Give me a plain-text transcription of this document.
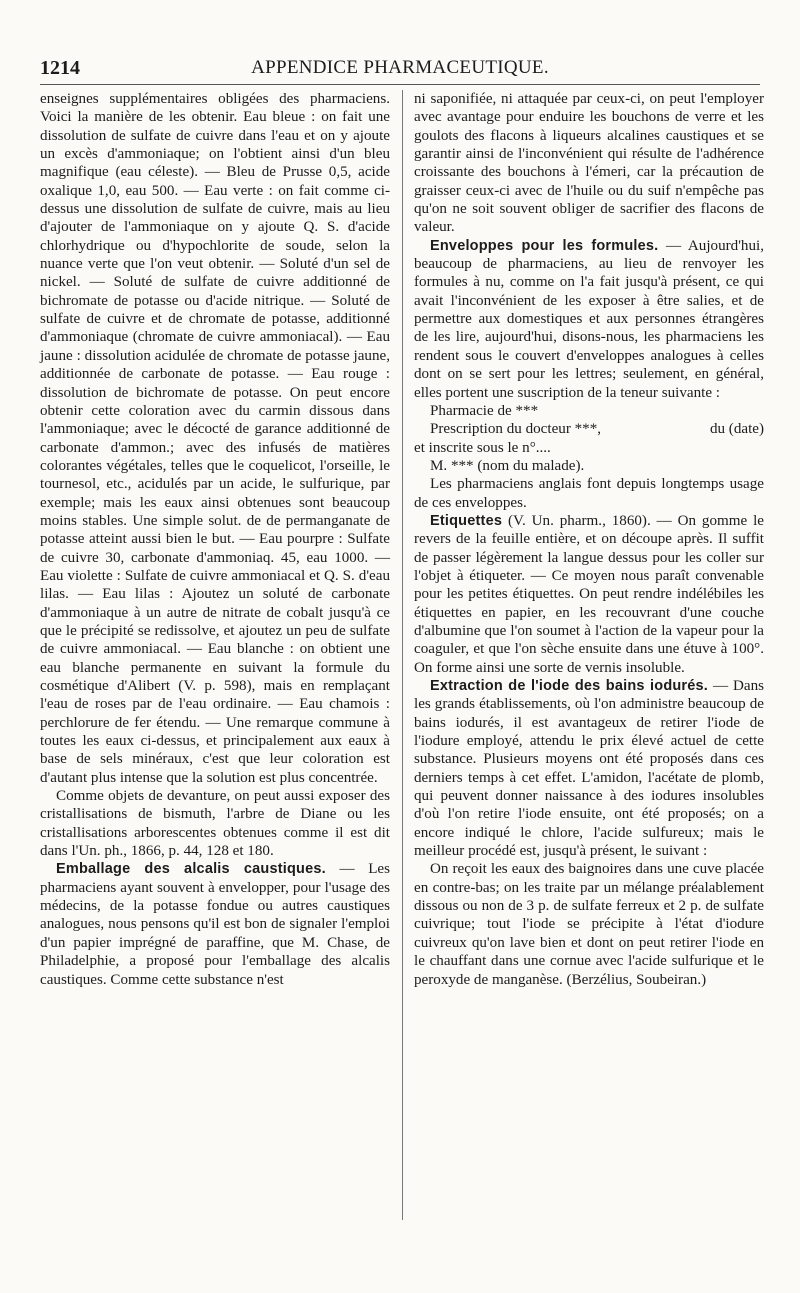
1214	APPENDICE PHARMACEUTIQUE.

enseignes supplémentaires obligées des pharmaciens. Voici la manière de les obtenir. Eau bleue : on fait une dissolution de sulfate de cuivre dans l'eau et on y ajoute un excès d'ammoniaque; on l'obtient ainsi d'un bleu magnifique (eau céleste). — Bleu de Prusse 0,5, acide oxalique 1,0, eau 500. — Eau verte : on fait comme ci-dessus une dissolution de sulfate de cuivre, mais au lieu d'ajouter de l'ammoniaque on y ajoute Q. S. d'acide chlorhydrique ou d'hypochlorite de soude, selon la nuance verte que l'on veut obtenir. — Soluté d'un sel de nickel. — Soluté de sulfate de cuivre additionné de bichromate de potasse ou d'acide nitrique. — Soluté de sulfate de cuivre et de chromate de potasse, additionné d'ammoniaque (chromate de cuivre ammoniacal). — Eau jaune : dissolution acidulée de chromate de potasse jaune, additionnée de carbonate de potasse. — Eau rouge : dissolution de bichromate de potasse. On peut encore obtenir cette coloration avec du carmin dissous dans l'ammoniaque; avec le décocté de garance additionné de carbonate d'ammon.; avec des infusés de matières colorantes végétales, telles que le coquelicot, l'orseille, le tournesol, etc., acidulés par un acide, le sulfurique, par exemple; mais les eaux ainsi obtenues sont beaucoup moins stables. Une simple solut. de de permanganate de potasse atteint aussi bien le but. — Eau pourpre : Sulfate de cuivre 30, carbonate d'ammoniaq. 45, eau 1000. — Eau violette : Sulfate de cuivre ammoniacal et Q. S. d'eau lilas. — Eau lilas : Ajoutez un soluté de carbonate d'ammoniaque à un autre de nitrate de cobalt jusqu'à ce que le précipité se redissolve, et ajoutez un peu de sulfate de cuivre ammoniacal. — Eau blanche : on obtient une eau blanche permanente en suivant la formule du cosmétique d'Alibert (V. p. 598), mais en remplaçant l'eau de roses par de l'eau ordinaire. — Eau chamois : perchlorure de fer étendu. — Une remarque commune à toutes les eaux ci-dessus, et principalement aux eaux à base de sels minéraux, c'est que leur coloration est d'autant plus intense que la solution est plus concentrée.

Comme objets de devanture, on peut aussi exposer des cristallisations de bismuth, l'arbre de Diane ou les cristallisations arborescentes obtenues comme il est dit dans l'Un. ph., 1866, p. 44, 128 et 180.

Emballage des alcalis caustiques. — Les pharmaciens ayant souvent à envelopper, pour l'usage des médecins, de la potasse fondue ou autres caustiques analogues, nous pensons qu'il est bon de signaler l'emploi d'un papier imprégné de paraffine, que M. Chase, de Philadelphie, a proposé pour l'emballage des alcalis caustiques. Comme cette substance n'est

ni saponifiée, ni attaquée par ceux-ci, on peut l'employer avec avantage pour enduire les bouchons de verre et les goulots des flacons à liqueurs alcalines caustiques et se garantir ainsi de l'inconvénient qui résulte de l'adhérence croissante des bouchons à l'émeri, car la précaution de graisser ceux-ci avec de l'huile ou du suif n'empêche pas qu'on ne soit souvent obliger de sacrifier des flacons de valeur.

Enveloppes pour les formules. — Aujourd'hui, beaucoup de pharmaciens, au lieu de renvoyer les formules à nu, comme on l'a fait jusqu'à présent, ce qui avait l'inconvénient de les exposer à être salies, et de permettre aux domestiques et aux personnes étrangères de les lire, aujourd'hui, disons-nous, les pharmaciens les rendent sous le couvert d'enveloppes analogues à celles dont on se sert pour les lettres; seulement, en général, elles portent une suscription de la teneur suivante :

Pharmacie de ***

Prescription du docteur ***,	du (date)

et inscrite sous le n°....

M. *** (nom du malade).

Les pharmaciens anglais font depuis longtemps usage de ces enveloppes.

Etiquettes (V. Un. pharm., 1860). — On gomme le revers de la feuille entière, et on découpe après. Il suffit de passer légèrement la langue dessus pour les coller sur l'objet à étiqueter. — Ce moyen nous paraît convenable pour les petites étiquettes. On peut rendre indélébiles les étiquettes en papier, en les recouvrant d'une couche d'albumine que l'on soumet à l'action de la vapeur pour la coaguler, et que l'on sèche ensuite dans une étuve à 100°. On forme ainsi une sorte de vernis insoluble.

Extraction de l'iode des bains iodurés. — Dans les grands établissements, où l'on administre beaucoup de bains iodurés, il est avantageux de retirer l'iode de l'iodure employé, attendu le prix élevé actuel de cette substance. Plusieurs moyens ont été proposés dans ces derniers temps à cet effet. L'amidon, l'acétate de plomb, qui peuvent donner naissance à des iodures insolubles d'où l'on retire l'iode ensuite, ont été proposés; on a encore indiqué le chlore, l'acide sulfureux; mais le meilleur procédé est, jusqu'à présent, le suivant :

On reçoit les eaux des baignoires dans une cuve placée en contre-bas; on les traite par un mélange préalablement dissous ou non de 3 p. de sulfate ferreux et 2 p. de sulfate cuivrique; tout l'iode se précipite à l'état d'iodure cuivreux qu'on lave bien et dont on peut retirer l'iode en le chauffant dans une cornue avec l'acide sulfurique et le peroxyde de manganèse. (Berzélius, Soubeiran.)
